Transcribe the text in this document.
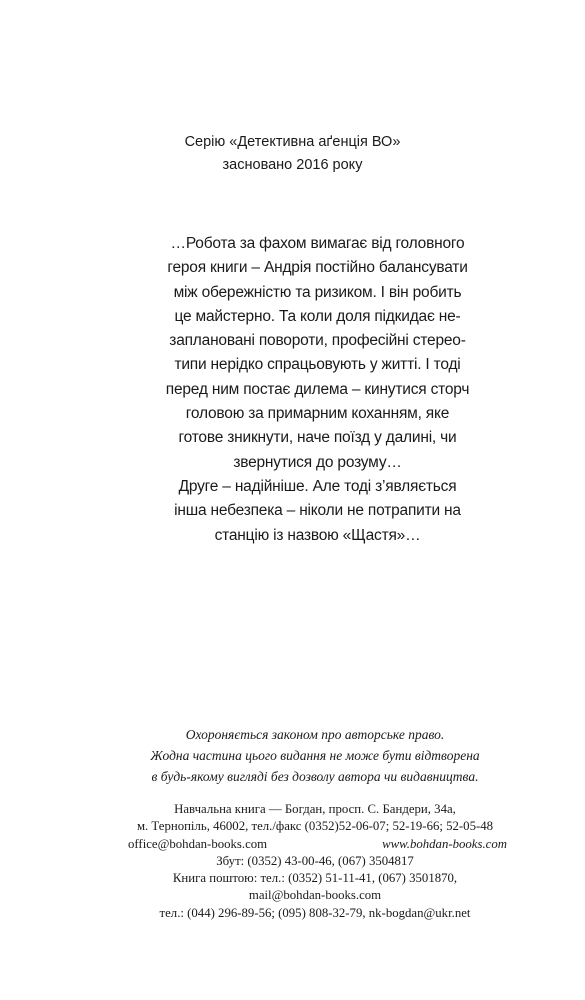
Серію «Детективна аґенція ВО»
засновано 2016 року
…Робота за фахом вимагає від головного
героя книги – Андрія постійно балансувати
між обережністю та ризиком. І він робить
це майстерно. Та коли доля підкидає не-
заплановані повороти, професійні стерео-
типи нерідко спрацьовують у житті. І тоді
перед ним постає дилема – кинутися сторч
головою за примарним коханням, яке
готове зникнути, наче поїзд у далині, чи
звернутися до розуму…
Друге – надійніше. Але тоді з’являється
інша небезпека – ніколи не потрапити на
станцію із назвою «Щастя»…
Охороняється законом про авторське право.
Жодна частина цього видання не може бути відтворена
в будь-якому вигляді без дозволу автора чи видавництва.
Навчальна книга — Богдан, просп. С. Бандери, 34а,
м. Тернопіль, 46002, тел./факс (0352)52-06-07; 52-19-66; 52-05-48
office@bohdan-books.com	www.bohdan-books.com
Збут: (0352) 43-00-46, (067) 3504817
Книга поштою: тел.: (0352) 51-11-41, (067) 3501870,
mail@bohdan-books.com
тел.: (044) 296-89-56; (095) 808-32-79, nk-bogdan@ukr.net
